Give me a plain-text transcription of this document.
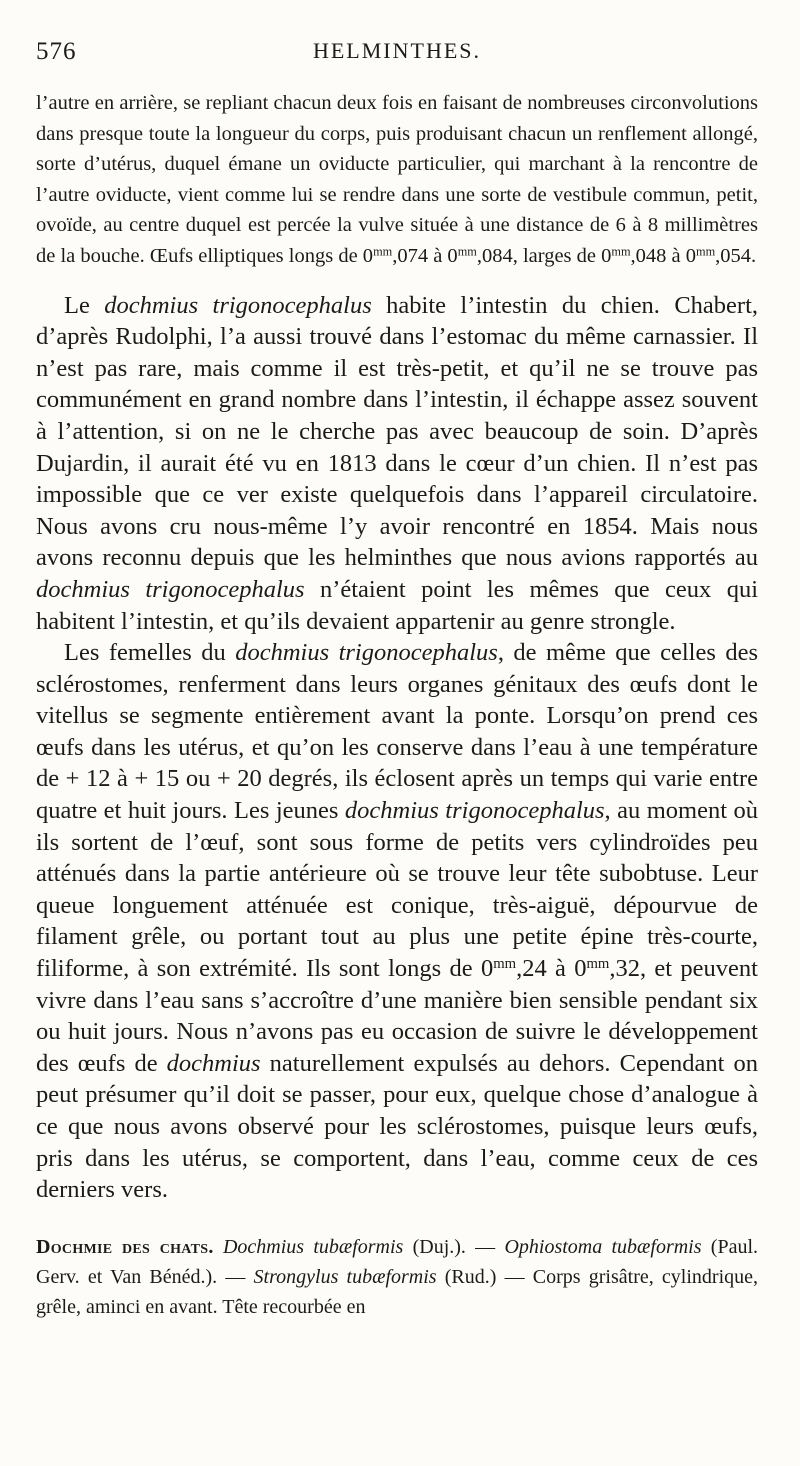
576	HELMINTHES.

l’autre en arrière, se repliant chacun deux fois en faisant de nombreuses circonvolutions dans presque toute la longueur du corps, puis produisant chacun un renflement allongé, sorte d’utérus, duquel émane un oviducte particulier, qui marchant à la rencontre de l’autre oviducte, vient comme lui se rendre dans une sorte de vestibule commun, petit, ovoïde, au centre duquel est percée la vulve située à une distance de 6 à 8 millimètres de la bouche. Œufs elliptiques longs de $0^{mm},074$ à $0^{mm},084$, larges de $0^{mm},048$ à $0^{mm},054$.

Le dochmius trigonocephalus habite l’intestin du chien. Chabert, d’après Rudolphi, l’a aussi trouvé dans l’estomac du même carnassier. Il n’est pas rare, mais comme il est très-petit, et qu’il ne se trouve pas communément en grand nombre dans l’intestin, il échappe assez souvent à l’attention, si on ne le cherche pas avec beaucoup de soin. D’après Dujardin, il aurait été vu en 1813 dans le cœur d’un chien. Il n’est pas impossible que ce ver existe quelquefois dans l’appareil circulatoire. Nous avons cru nous-même l’y avoir rencontré en 1854. Mais nous avons reconnu depuis que les helminthes que nous avions rapportés au dochmius trigonocephalus n’étaient point les mêmes que ceux qui habitent l’intestin, et qu’ils devaient appartenir au genre strongle.

Les femelles du dochmius trigonocephalus, de même que celles des sclérostomes, renferment dans leurs organes génitaux des œufs dont le vitellus se segmente entièrement avant la ponte. Lorsqu’on prend ces œufs dans les utérus, et qu’on les conserve dans l’eau à une température de + 12 à + 15 ou + 20 degrés, ils éclosent après un temps qui varie entre quatre et huit jours. Les jeunes dochmius trigonocephalus, au moment où ils sortent de l’œuf, sont sous forme de petits vers cylindroïdes peu atténués dans la partie antérieure où se trouve leur tête subobtuse. Leur queue longuement atténuée est conique, très-aiguë, dépourvue de filament grêle, ou portant tout au plus une petite épine très-courte, filiforme, à son extrémité. Ils sont longs de $0^{mm},24$ à $0^{mm},32$, et peuvent vivre dans l’eau sans s’accroître d’une manière bien sensible pendant six ou huit jours. Nous n’avons pas eu occasion de suivre le développement des œufs de dochmius naturellement expulsés au dehors. Cependant on peut présumer qu’il doit se passer, pour eux, quelque chose d’analogue à ce que nous avons observé pour les sclérostomes, puisque leurs œufs, pris dans les utérus, se comportent, dans l’eau, comme ceux de ces derniers vers.

Dochmie des chats. Dochmius tubæformis (Duj.). — Ophiostoma tubæformis (Paul. Gerv. et Van Bénéd.). — Strongylus tubæformis (Rud.) — Corps grisâtre, cylindrique, grêle, aminci en avant. Tête recourbée en
